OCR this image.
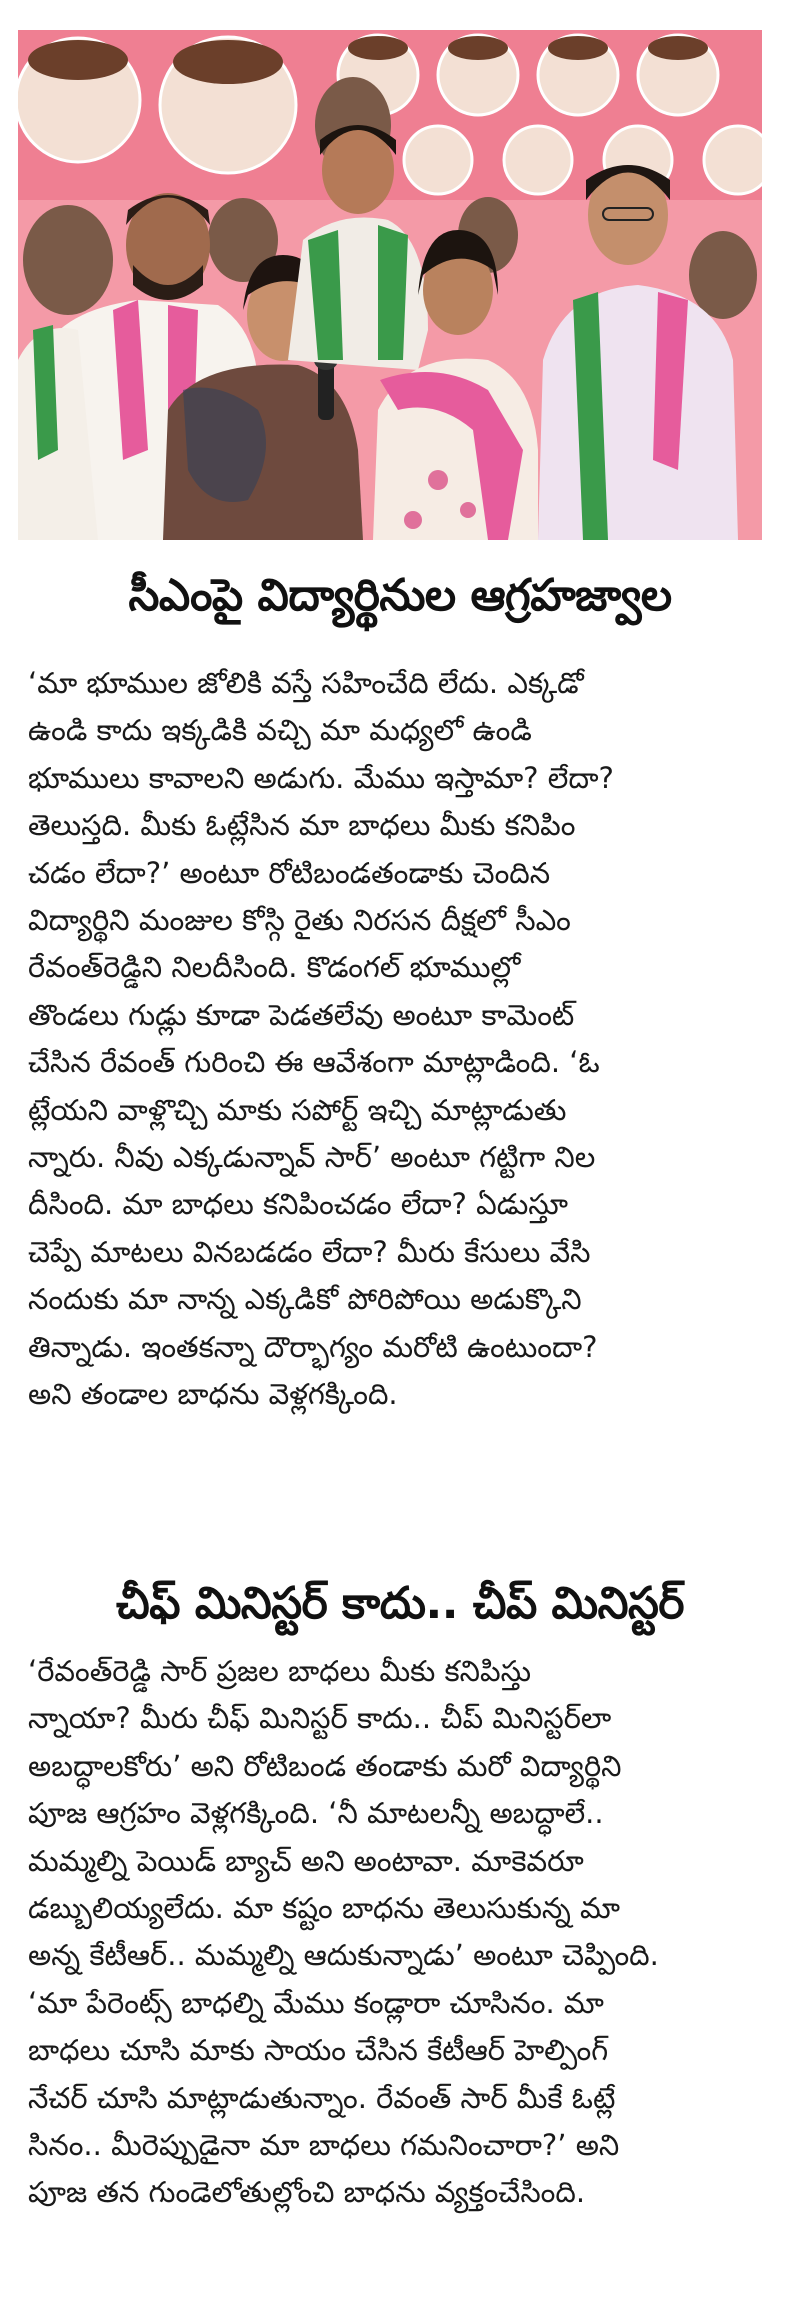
సీఎంపై విద్యార్థినుల ఆగ్రహజ్వాల
‘మా భూముల జోలికి వస్తే సహించేది లేదు. ఎక్కడో
ఉండి కాదు ఇక్కడికి వచ్చి మా మధ్యలో ఉండి
భూములు కావాలని అడుగు. మేము ఇస్తామా? లేదా?
తెలుస్తది. మీకు ఓట్లేసిన మా బాధలు మీకు కనిపిం
చడం లేదా?’ అంటూ రోటిబండతండాకు చెందిన
విద్యార్థిని మంజుల కోస్గి రైతు నిరసన దీక్షలో సీఎం
రేవంత్‌రెడ్డిని నిలదీసింది. కొడంగల్ భూముల్లో
తొండలు గుడ్లు కూడా పెడతలేవు అంటూ కామెంట్
చేసిన రేవంత్ గురించి ఈ ఆవేశంగా మాట్లాడింది. ‘ఓ
ట్లేయని వాళ్లొచ్చి మాకు సపోర్ట్ ఇచ్చి మాట్లాడుతు
న్నారు. నీవు ఎక్కడున్నావ్ సార్’ అంటూ గట్టిగా నిల
దీసింది. మా బాధలు కనిపించడం లేదా? ఏడుస్తూ
చెప్పే మాటలు వినబడడం లేదా? మీరు కేసులు వేసి
నందుకు మా నాన్న ఎక్కడికో పోరిపోయి అడుక్కొని
తిన్నాడు. ఇంతకన్నా దౌర్భాగ్యం మరోటి ఉంటుందా?
అని తండాల బాధను వెళ్లగక్కింది.
చీఫ్ మినిస్టర్ కాదు.. చీప్ మినిస్టర్
‘రేవంత్‌రెడ్డి సార్ ప్రజల బాధలు మీకు కనిపిస్తు
న్నాయా? మీరు చీఫ్ మినిస్టర్ కాదు.. చీప్ మినిస్టర్‌లా
అబద్ధాలకోరు’ అని రోటిబండ తండాకు మరో విద్యార్థిని
పూజ ఆగ్రహం వెళ్లగక్కింది. ‘నీ మాటలన్నీ అబద్ధాలే..
మమ్మల్ని పెయిడ్ బ్యాచ్ అని అంటావా. మాకెవరూ
డబ్బులియ్యలేదు. మా కష్టం బాధను తెలుసుకున్న మా
అన్న కేటీఆర్.. మమ్మల్ని ఆదుకున్నాడు’ అంటూ చెప్పింది.
‘మా పేరెంట్స్ బాధల్ని మేము కండ్లారా చూసినం. మా
బాధలు చూసి మాకు సాయం చేసిన కేటీఆర్ హెల్పింగ్
నేచర్ చూసి మాట్లాడుతున్నాం. రేవంత్ సార్ మీకే ఓట్లే
సినం.. మీరెప్పుడైనా మా బాధలు గమనించారా?’ అని
పూజ తన గుండెలోతుల్లోంచి బాధను వ్యక్తంచేసింది.
